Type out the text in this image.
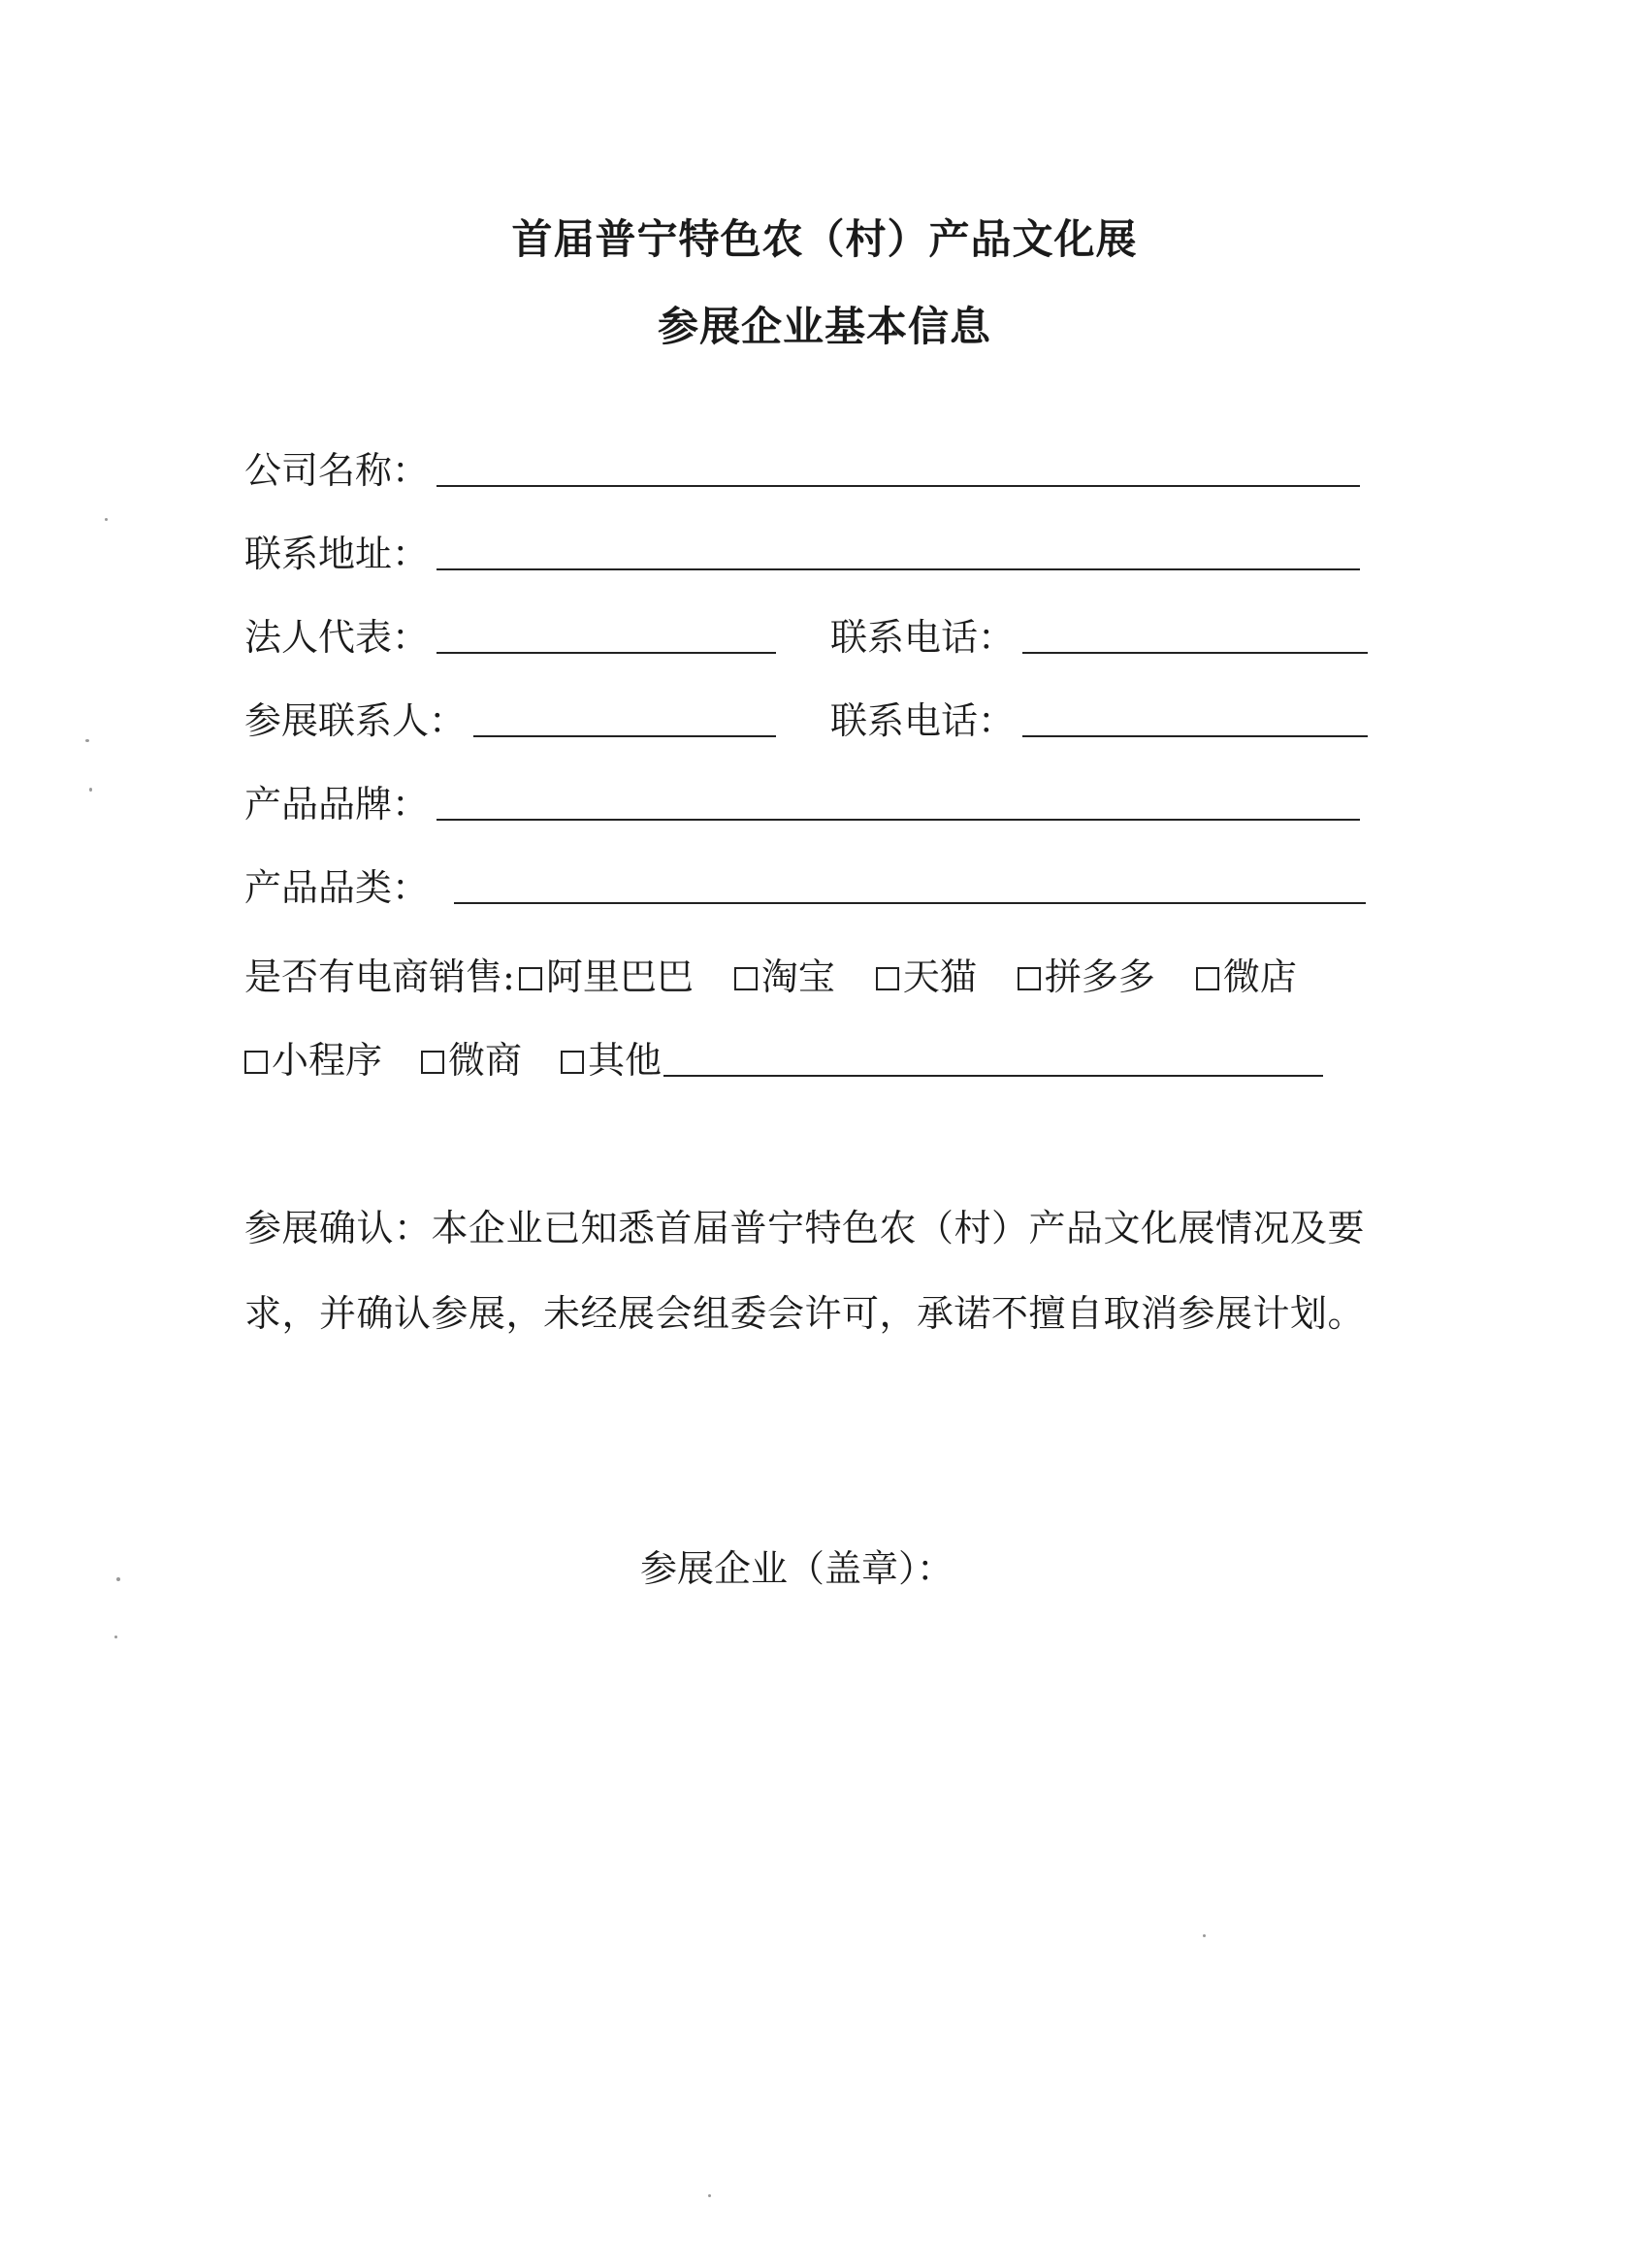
首届普宁特色农（村）产品文化展
参展企业基本信息
公司名称：
联系地址：
法人代表：	联系电话：
参展联系人：	联系电话：
产品品牌：
产品品类：
是否有电商销售: 阿里巴巴 淘宝 天猫 拼多多 微店
小程序 微商 其他
参展确认：本企业已知悉首届普宁特色农（村）产品文化展情况及要
求，并确认参展，未经展会组委会许可，承诺不擅自取消参展计划。
参展企业（盖章）：
